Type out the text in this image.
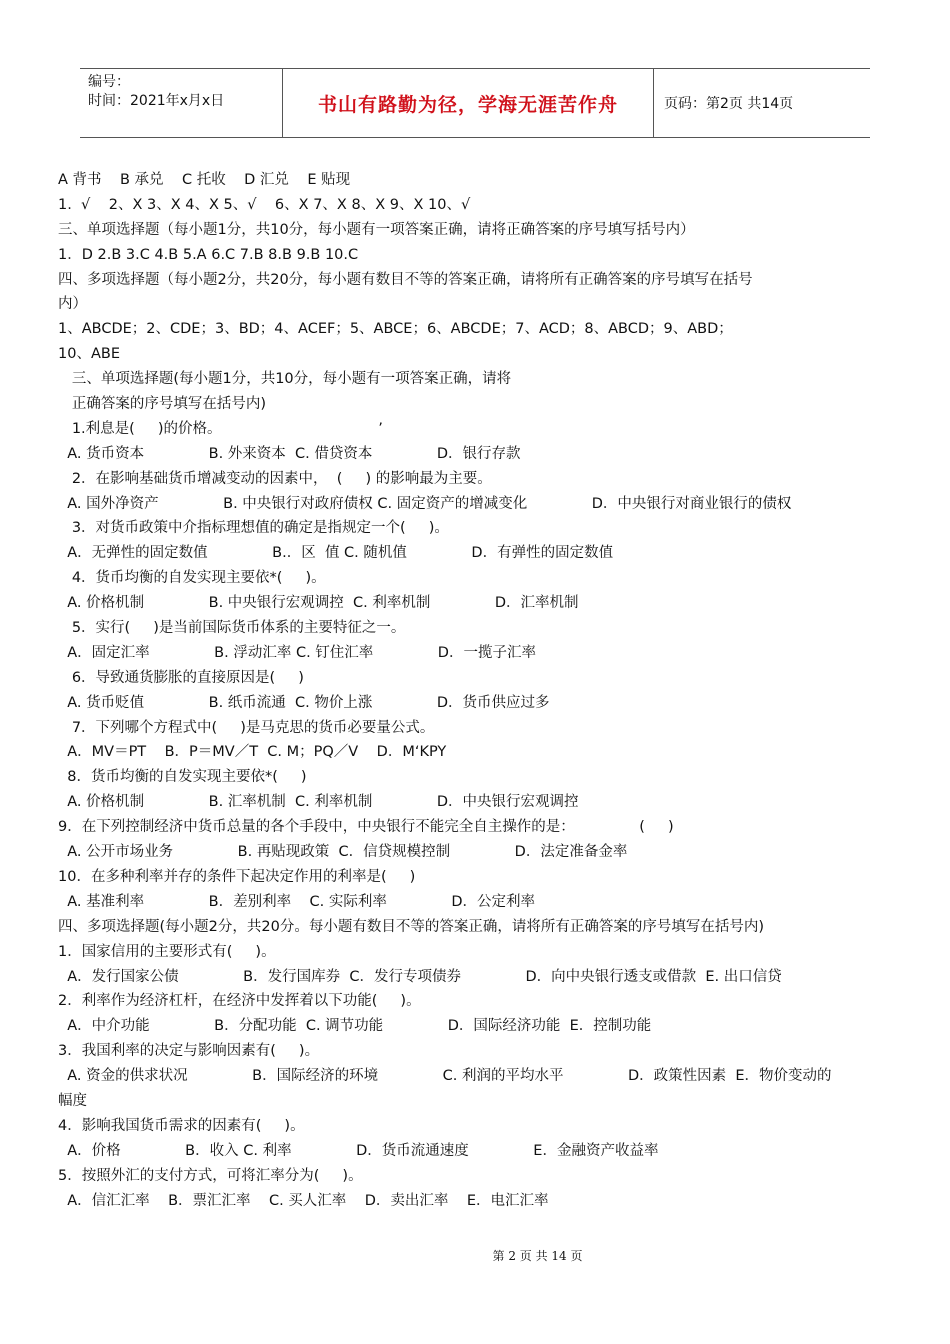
编号：
时间：2021年x月x日	书山有路勤为径，学海无涯苦作舟	页码：第2页 共14页
A 背书    B 承兑    C 托收    D 汇兑    E 贴现
1.  √    2、X 3、X 4、X 5、√    6、X 7、X 8、X 9、X 10、√
三、单项选择题（每小题1分，共10分，每小题有一项答案正确，请将正确答案的序号填写括号内）
1．D 2.B 3.C 4.B 5.A 6.C 7.B 8.B 9.B 10.C
四、多项选择题（每小题2分，共20分，每小题有数目不等的答案正确，请将所有正确答案的序号填写在括号
内）
1、ABCDE；2、CDE；3、BD；4、ACEF；5、ABCE；6、ABCDE；7、ACD；8、ABCD；9、ABD；
10、ABE
三、单项选择题(每小题1分，共10分，每小题有一项答案正确，请将
正确答案的序号填写在括号内)
1.利息是(     )的价格。                                  ’
A. 货币资本              B. 外来资本  C. 借贷资本              D．银行存款
2．在影响基础货币增减变动的因素中，  (     ) 的影响最为主要。
A. 国外净资产              B. 中央银行对政府债权 C. 固定资产的增减变化              D．中央银行对商业银行的债权
3．对货币政策中介指标理想值的确定是指规定一个(     )。
A．无弹性的固定数值              B.．区  值 C. 随机值              D．有弹性的固定数值
4．货币均衡的自发实现主要依*(     )。
A. 价格机制              B. 中央银行宏观调控  C. 利率机制              D．汇率机制
5．实行(     )是当前国际货币体系的主要特征之一。
A．固定汇率              B. 浮动汇率 C. 钉住汇率              D．一揽子汇率
6．导致通货膨胀的直接原因是(     )
A. 货币贬值              B. 纸币流通  C. 物价上涨              D．货币供应过多
7．下列哪个方程式中(     )是马克思的货币必要量公式。
A．MV＝PT    B．P＝MV／T  C. M；PQ／V    D．M‘KPY
8．货币均衡的自发实现主要依*(     )
A. 价格机制              B. 汇率机制  C. 利率机制              D．中央银行宏观调控
9．在下列控制经济中货币总量的各个手段中，中央银行不能完全自主操作的是：              (     )
A. 公开市场业务              B. 再贴现政策  C．信贷规模控制              D．法定准备金率
10．在多种利率并存的条件下起决定作用的利率是(     )
A. 基准利率              B．差别利率    C. 实际利率              D．公定利率
四、多项选择题(每小题2分，共20分。每小题有数目不等的答案正确，请将所有正确答案的序号填写在括号内)
1．国家信用的主要形式有(     )。
A．发行国家公债              B．发行国库券  C．发行专项债券              D．向中央银行透支或借款  E. 出口信贷
2．利率作为经济杠杆，在经济中发挥着以下功能(     )。
A．中介功能              B．分配功能  C. 调节功能              D．国际经济功能  E．控制功能
3．我国利率的决定与影响因素有(     )。
A. 资金的供求状况              B．国际经济的环境              C. 利润的平均水平              D．政策性因素  E．物价变动的
幅度
4．影响我国货币需求的因素有(     )。
A．价格              B．收入 C. 利率              D．货币流通速度              E．金融资产收益率
5．按照外汇的支付方式，可将汇率分为(     )。
A．信汇汇率    B．票汇汇率    C. 买人汇率    D．卖出汇率    E．电汇汇率
第 2 页 共 14 页
